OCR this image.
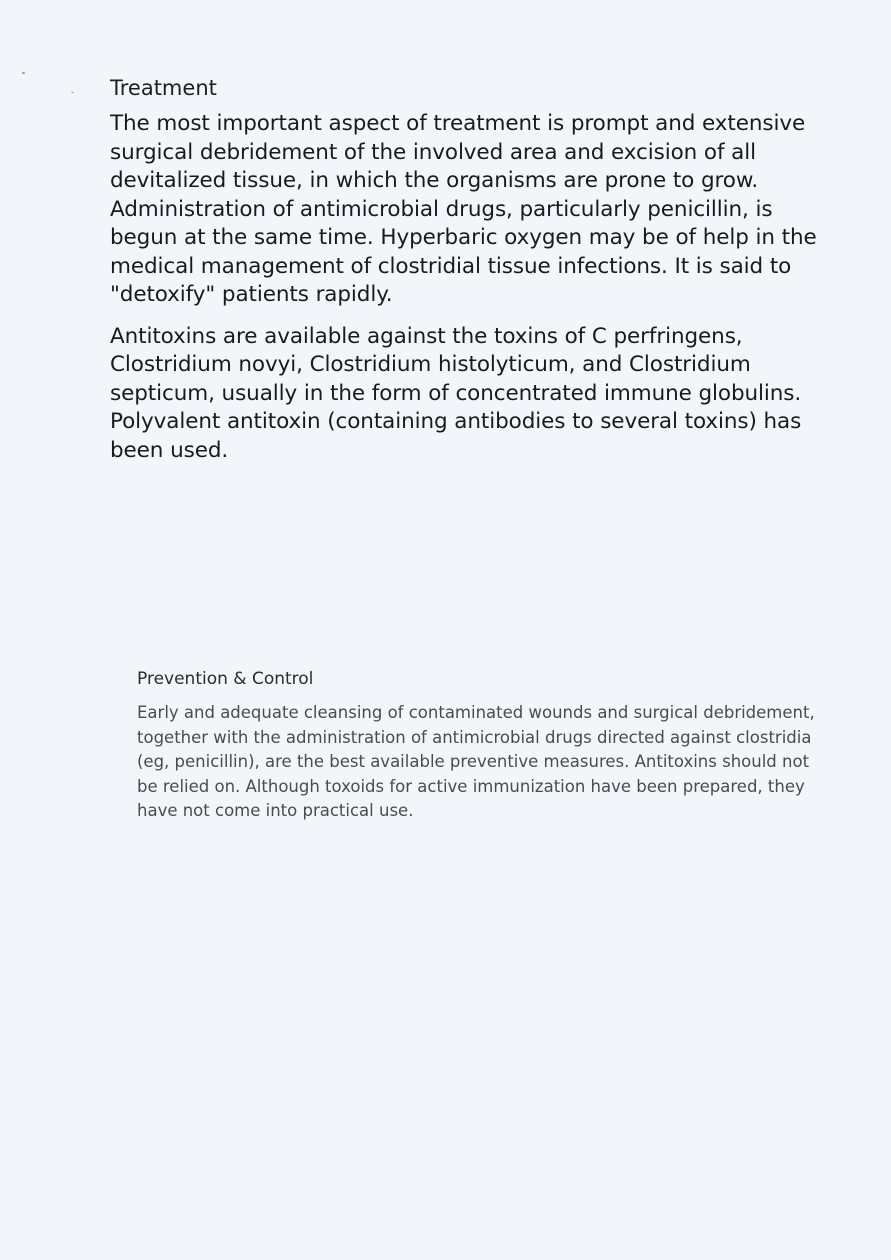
Treatment

The most important aspect of treatment is prompt and extensive surgical debridement of the involved area and excision of all devitalized tissue, in which the organisms are prone to grow. Administration of antimicrobial drugs, particularly penicillin, is begun at the same time. Hyperbaric oxygen may be of help in the medical management of clostridial tissue infections. It is said to "detoxify" patients rapidly.

Antitoxins are available against the toxins of C perfringens, Clostridium novyi, Clostridium histolyticum, and Clostridium septicum, usually in the form of concentrated immune globulins. Polyvalent antitoxin (containing antibodies to several toxins) has been used.

Prevention & Control

Early and adequate cleansing of contaminated wounds and surgical debridement, together with the administration of antimicrobial drugs directed against clostridia (eg, penicillin), are the best available preventive measures. Antitoxins should not be relied on. Although toxoids for active immunization have been prepared, they have not come into practical use.
